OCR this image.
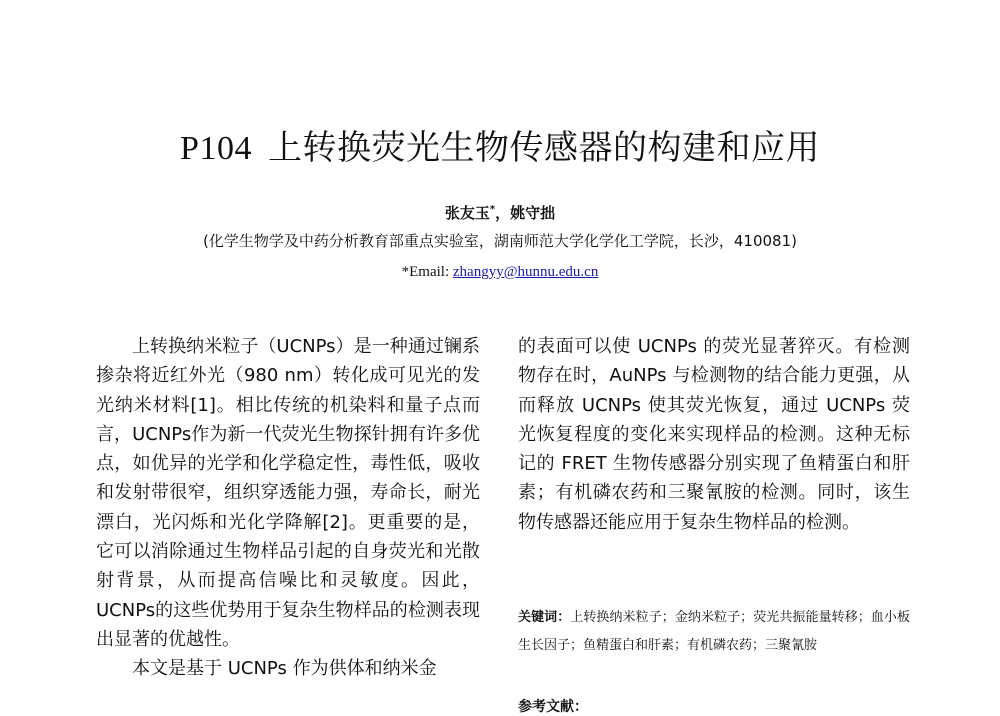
P104 上转换荧光生物传感器的构建和应用
张友玉*，姚守拙
(化学生物学及中药分析教育部重点实验室，湖南师范大学化学化工学院，长沙，410081)
*Email: zhangyy@hunnu.edu.cn

上转换纳米粒子（UCNPs）是一种通过镧系掺杂将近红外光（980 nm）转化成可见光的发光纳米材料[1]。相比传统的机染料和量子点而言，UCNPs作为新一代荧光生物探针拥有许多优点，如优异的光学和化学稳定性，毒性低，吸收和发射带很窄，组织穿透能力强，寿命长，耐光漂白，光闪烁和光化学降解[2]。更重要的是，它可以消除通过生物样品引起的自身荧光和光散射背景，从而提高信噪比和灵敏度。因此，UCNPs的这些优势用于复杂生物样品的检测表现出显著的优越性。

本文是基于 UCNPs 作为供体和纳米金

的表面可以使 UCNPs 的荧光显著猝灭。有检测物存在时，AuNPs 与检测物的结合能力更强，从而释放 UCNPs 使其荧光恢复，通过 UCNPs 荧光恢复程度的变化来实现样品的检测。这种无标记的 FRET 生物传感器分别实现了鱼精蛋白和肝素；有机磷农药和三聚氰胺的检测。同时，该生物传感器还能应用于复杂生物样品的检测。

关键词：上转换纳米粒子；金纳米粒子；荧光共振能量转移；血小板生长因子；鱼精蛋白和肝素；有机磷农药；三聚氰胺
参考文献：
